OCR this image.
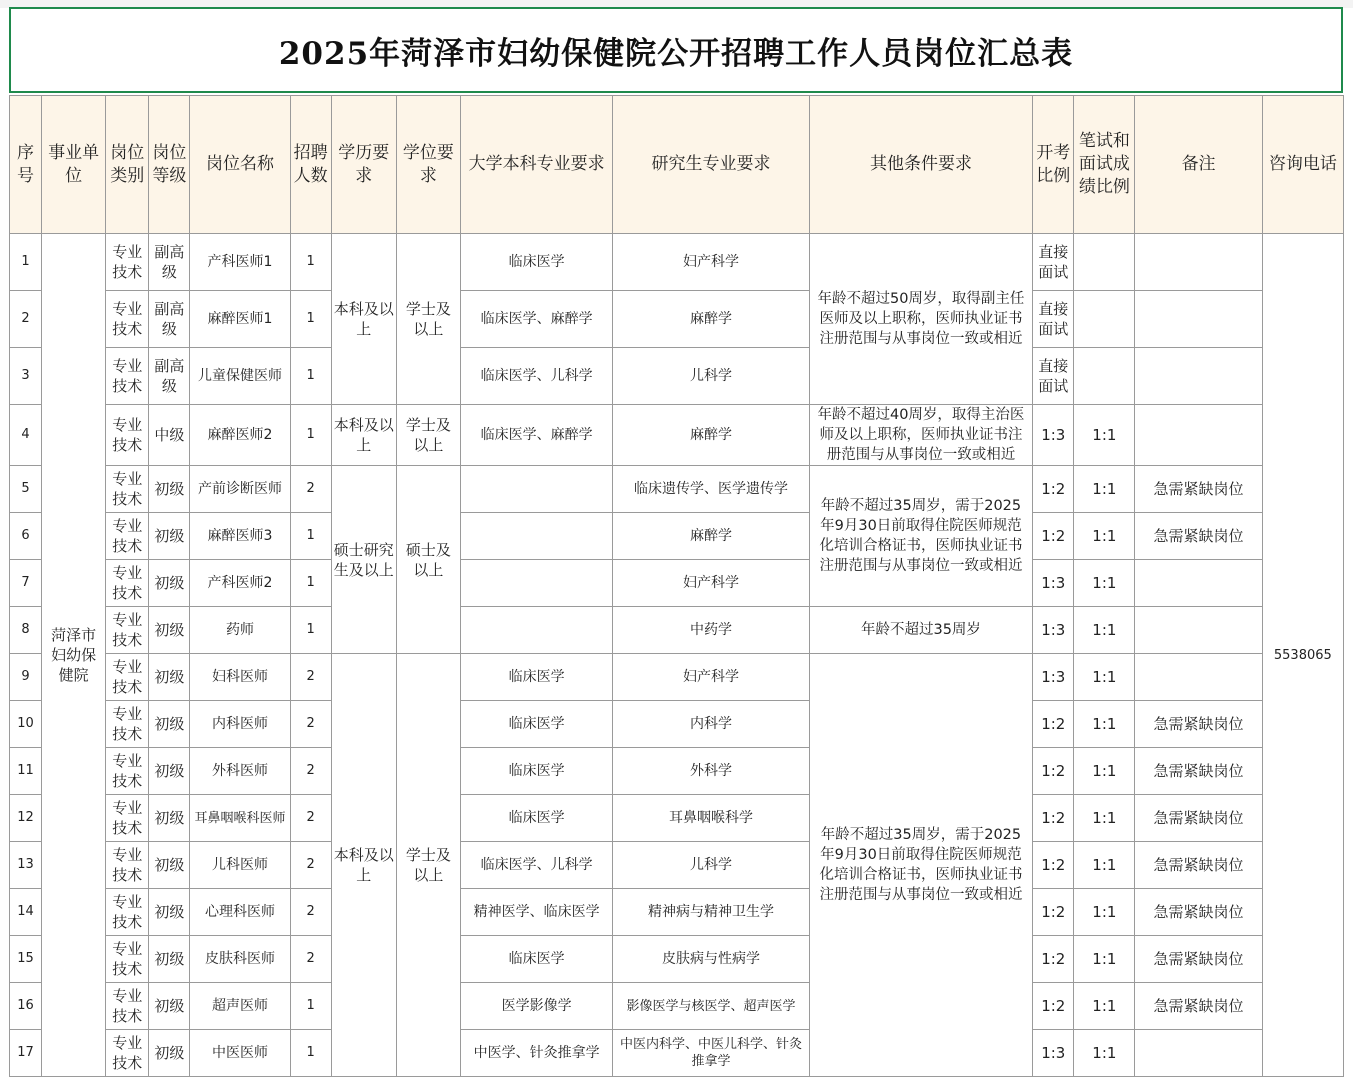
2025年菏泽市妇幼保健院公开招聘工作人员岗位汇总表
序号	事业单位	岗位类别	岗位等级	岗位名称	招聘人数	学历要求	学位要求	大学本科专业要求	研究生专业要求	其他条件要求	开考比例	笔试和面试成绩比例	备注	咨询电话
1	菏泽市妇幼保健院	专业技术	副高级	产科医师1	1	本科及以上	学士及以上	临床医学	妇产科学	年龄不超过50周岁，取得副主任医师及以上职称，医师执业证书注册范围与从事岗位一致或相近	直接面试			5538065
2		专业技术	副高级	麻醉医师1	1			临床医学、麻醉学	麻醉学		直接面试			
3		专业技术	副高级	儿童保健医师	1			临床医学、儿科学	儿科学		直接面试			
4		专业技术	中级	麻醉医师2	1	本科及以上	学士及以上	临床医学、麻醉学	麻醉学	年龄不超过40周岁，取得主治医师及以上职称，医师执业证书注册范围与从事岗位一致或相近	1:3	1:1		
5		专业技术	初级	产前诊断医师	2	硕士研究生及以上	硕士及以上		临床遗传学、医学遗传学	年龄不超过35周岁，需于2025年9月30日前取得住院医师规范化培训合格证书，医师执业证书注册范围与从事岗位一致或相近	1:2	1:1	急需紧缺岗位	
6		专业技术	初级	麻醉医师3	1				麻醉学		1:2	1:1	急需紧缺岗位	
7		专业技术	初级	产科医师2	1				妇产科学		1:3	1:1		
8		专业技术	初级	药师	1				中药学	年龄不超过35周岁	1:3	1:1		
9		专业技术	初级	妇科医师	2	本科及以上	学士及以上	临床医学	妇产科学	年龄不超过35周岁，需于2025年9月30日前取得住院医师规范化培训合格证书，医师执业证书注册范围与从事岗位一致或相近	1:3	1:1		
10		专业技术	初级	内科医师	2			临床医学	内科学		1:2	1:1	急需紧缺岗位	
11		专业技术	初级	外科医师	2			临床医学	外科学		1:2	1:1	急需紧缺岗位	
12		专业技术	初级	耳鼻咽喉科医师	2			临床医学	耳鼻咽喉科学		1:2	1:1	急需紧缺岗位	
13		专业技术	初级	儿科医师	2			临床医学、儿科学	儿科学		1:2	1:1	急需紧缺岗位	
14		专业技术	初级	心理科医师	2			精神医学、临床医学	精神病与精神卫生学		1:2	1:1	急需紧缺岗位	
15		专业技术	初级	皮肤科医师	2			临床医学	皮肤病与性病学		1:2	1:1	急需紧缺岗位	
16		专业技术	初级	超声医师	1			医学影像学	影像医学与核医学、超声医学		1:2	1:1	急需紧缺岗位	
17		专业技术	初级	中医医师	1			中医学、针灸推拿学	中医内科学、中医儿科学、针灸推拿学		1:3	1:1		
